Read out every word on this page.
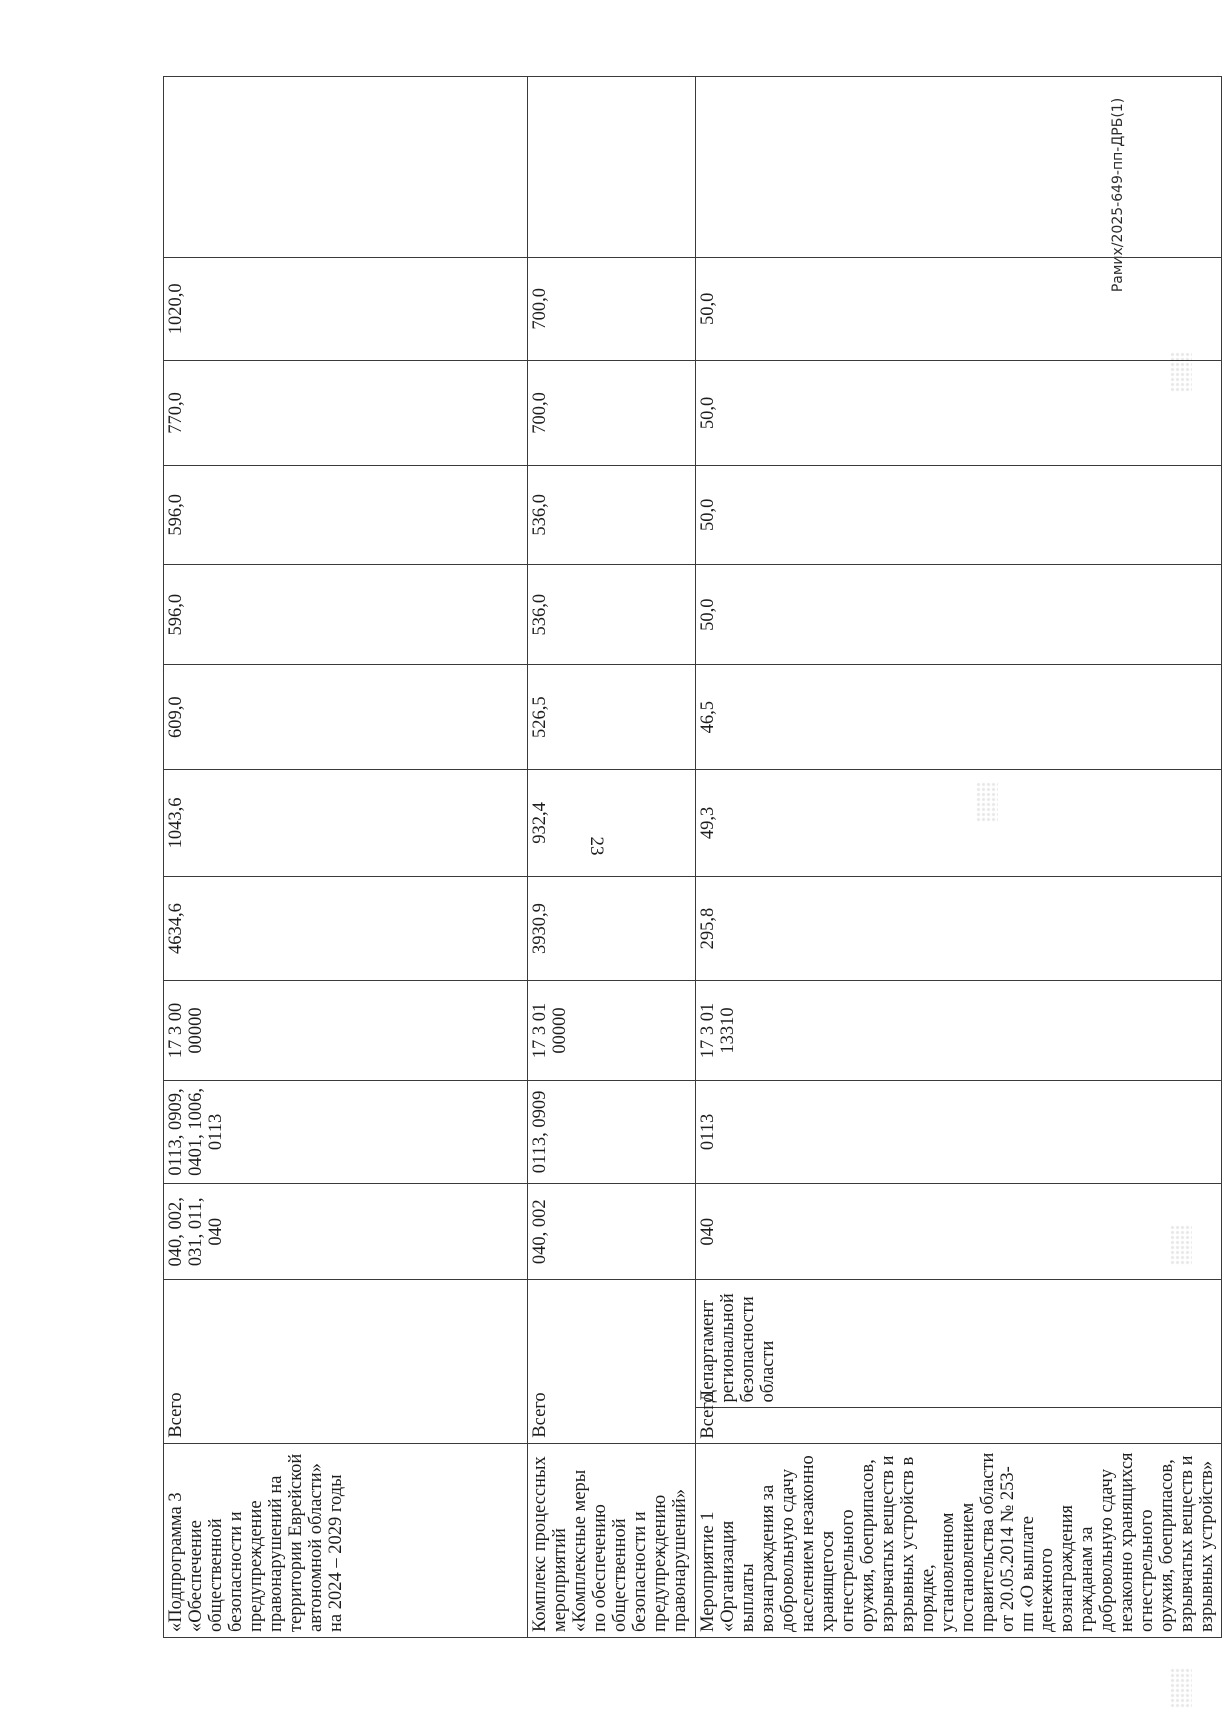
23
Рамих/2025-649-пп-ДРБ(1)
«Подпрограмма 3 «Обеспечение общественной безопасности и предупреждение правонарушений на территории Еврейской автономной области» на 2024 – 2029 годы	Всего		040, 002, 031, 011, 040	0113, 0909, 0401, 1006, 0113	17 3 00 00000	4634,6	1043,6	609,0	596,0	596,0	770,0	1020,0	
Комплекс процессных мероприятий «Комплексные меры по обеспечению общественной безопасности и предупреждению правонарушений»	Всего		040, 002	0113, 0909	17 3 01 00000	3930,9	932,4	526,5	536,0	536,0	700,0	700,0	
Мероприятие 1 «Организация выплаты вознаграждения за добровольную сдачу населением незаконно хранящегося огнестрельного оружия, боеприпасов, взрывчатых веществ и взрывных устройств в порядке, установленном постановлением правительства области от 20.05.2014 № 253-пп «О выплате денежного вознаграждения гражданам за добровольную сдачу незаконно хранящихся огнестрельного оружия, боеприпасов, взрывчатых веществ и взрывных устройств»	Всего	Департамент региональной безопасности области	040	0113	17 3 01 13310	295,8	49,3	46,5	50,0	50,0	50,0	50,0	
